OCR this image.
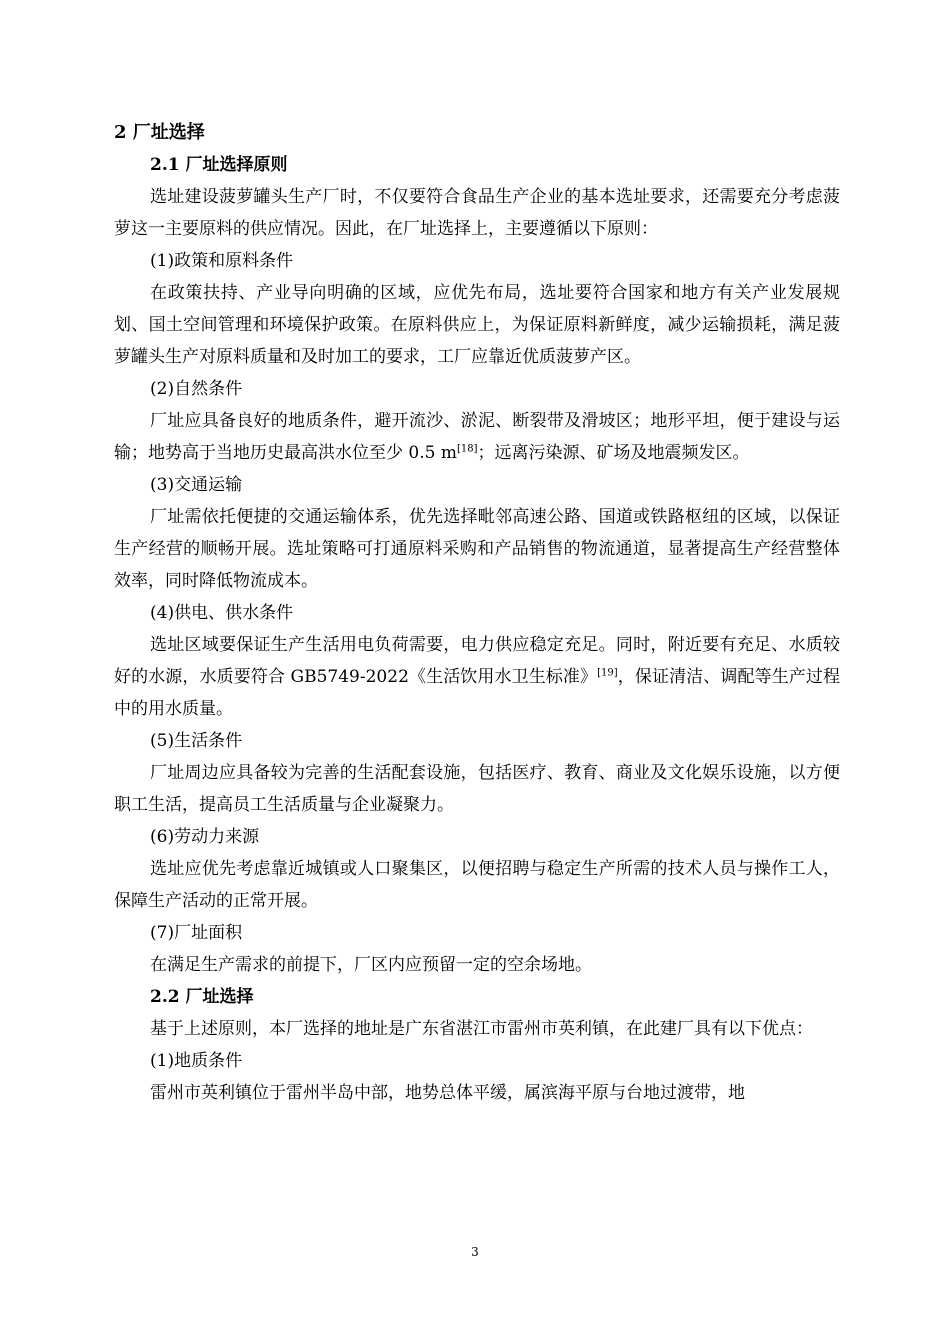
2 厂址选择

2.1 厂址选择原则

选址建设菠萝罐头生产厂时，不仅要符合食品生产企业的基本选址要求，还需要充分考虑菠萝这一主要原料的供应情况。因此，在厂址选择上，主要遵循以下原则：

(1)政策和原料条件

在政策扶持、产业导向明确的区域，应优先布局，选址要符合国家和地方有关产业发展规划、国土空间管理和环境保护政策。在原料供应上，为保证原料新鲜度，减少运输损耗，满足菠萝罐头生产对原料质量和及时加工的要求，工厂应靠近优质菠萝产区。

(2)自然条件

厂址应具备良好的地质条件，避开流沙、淤泥、断裂带及滑坡区；地形平坦，便于建设与运输；地势高于当地历史最高洪水位至少 0.5 m[18]；远离污染源、矿场及地震频发区。

(3)交通运输

厂址需依托便捷的交通运输体系，优先选择毗邻高速公路、国道或铁路枢纽的区域，以保证生产经营的顺畅开展。选址策略可打通原料采购和产品销售的物流通道，显著提高生产经营整体效率，同时降低物流成本。

(4)供电、供水条件

选址区域要保证生产生活用电负荷需要，电力供应稳定充足。同时，附近要有充足、水质较好的水源，水质要符合 GB5749-2022《生活饮用水卫生标准》[19]，保证清洁、调配等生产过程中的用水质量。

(5)生活条件

厂址周边应具备较为完善的生活配套设施，包括医疗、教育、商业及文化娱乐设施，以方便职工生活，提高员工生活质量与企业凝聚力。

(6)劳动力来源

选址应优先考虑靠近城镇或人口聚集区，以便招聘与稳定生产所需的技术人员与操作工人，保障生产活动的正常开展。

(7)厂址面积

在满足生产需求的前提下，厂区内应预留一定的空余场地。

2.2 厂址选择

基于上述原则，本厂选择的地址是广东省湛江市雷州市英利镇，在此建厂具有以下优点：

(1)地质条件

雷州市英利镇位于雷州半岛中部，地势总体平缓，属滨海平原与台地过渡带，地

3
